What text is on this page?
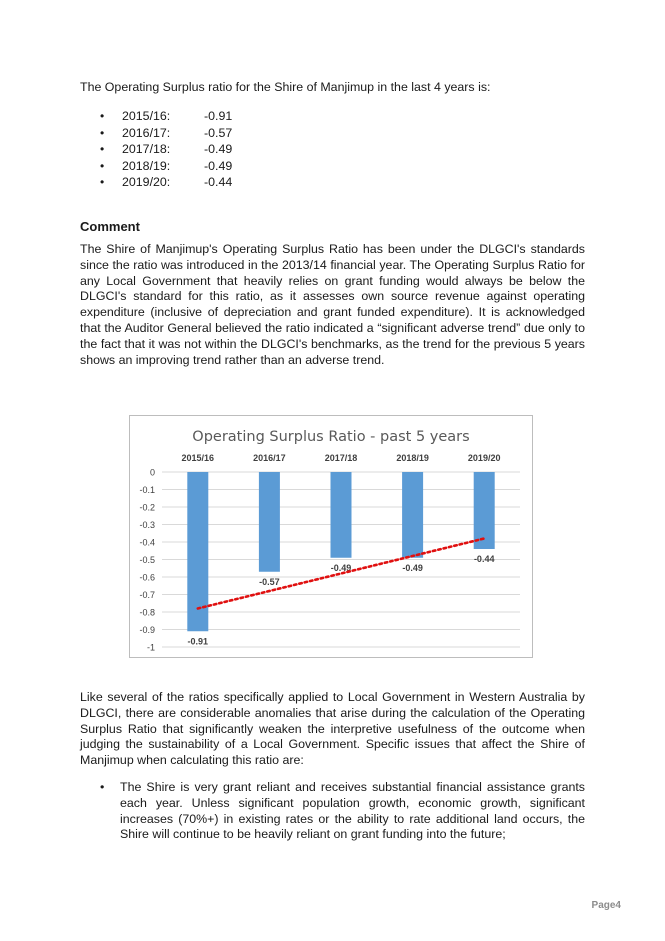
The Operating Surplus ratio for the Shire of Manjimup in the last 4 years is:
• 2015/16:	-0.91
• 2016/17:	-0.57
• 2017/18:	-0.49
• 2018/19:	-0.49
• 2019/20:	-0.44
Comment
The Shire of Manjimup's Operating Surplus Ratio has been under the DLGCI's standards since the ratio was introduced in the 2013/14 financial year. The Operating Surplus Ratio for any Local Government that heavily relies on grant funding would always be below the DLGCI's standard for this ratio, as it assesses own source revenue against operating expenditure (inclusive of depreciation and grant funded expenditure). It is acknowledged that the Auditor General believed the ratio indicated a “significant adverse trend” due only to the fact that it was not within the DLGCI's benchmarks, as the trend for the previous 5 years shows an improving trend rather than an adverse trend.
Operating Surplus Ratio - past 5 years
0
-0.1
-0.2
-0.3
-0.4
-0.5
-0.6
-0.7
-0.8
-0.9
-1
2015/16
-0.91
2016/17
-0.57
2017/18
-0.49
2018/19
-0.49
2019/20
-0.44
Like several of the ratios specifically applied to Local Government in Western Australia by DLGCI, there are considerable anomalies that arise during the calculation of the Operating Surplus Ratio that significantly weaken the interpretive usefulness of the outcome when judging the sustainability of a Local Government. Specific issues that affect the Shire of Manjimup when calculating this ratio are:
• The Shire is very grant reliant and receives substantial financial assistance grants each year. Unless significant population growth, economic growth, significant increases (70%+) in existing rates or the ability to rate additional land occurs, the Shire will continue to be heavily reliant on grant funding into the future;
Page4
